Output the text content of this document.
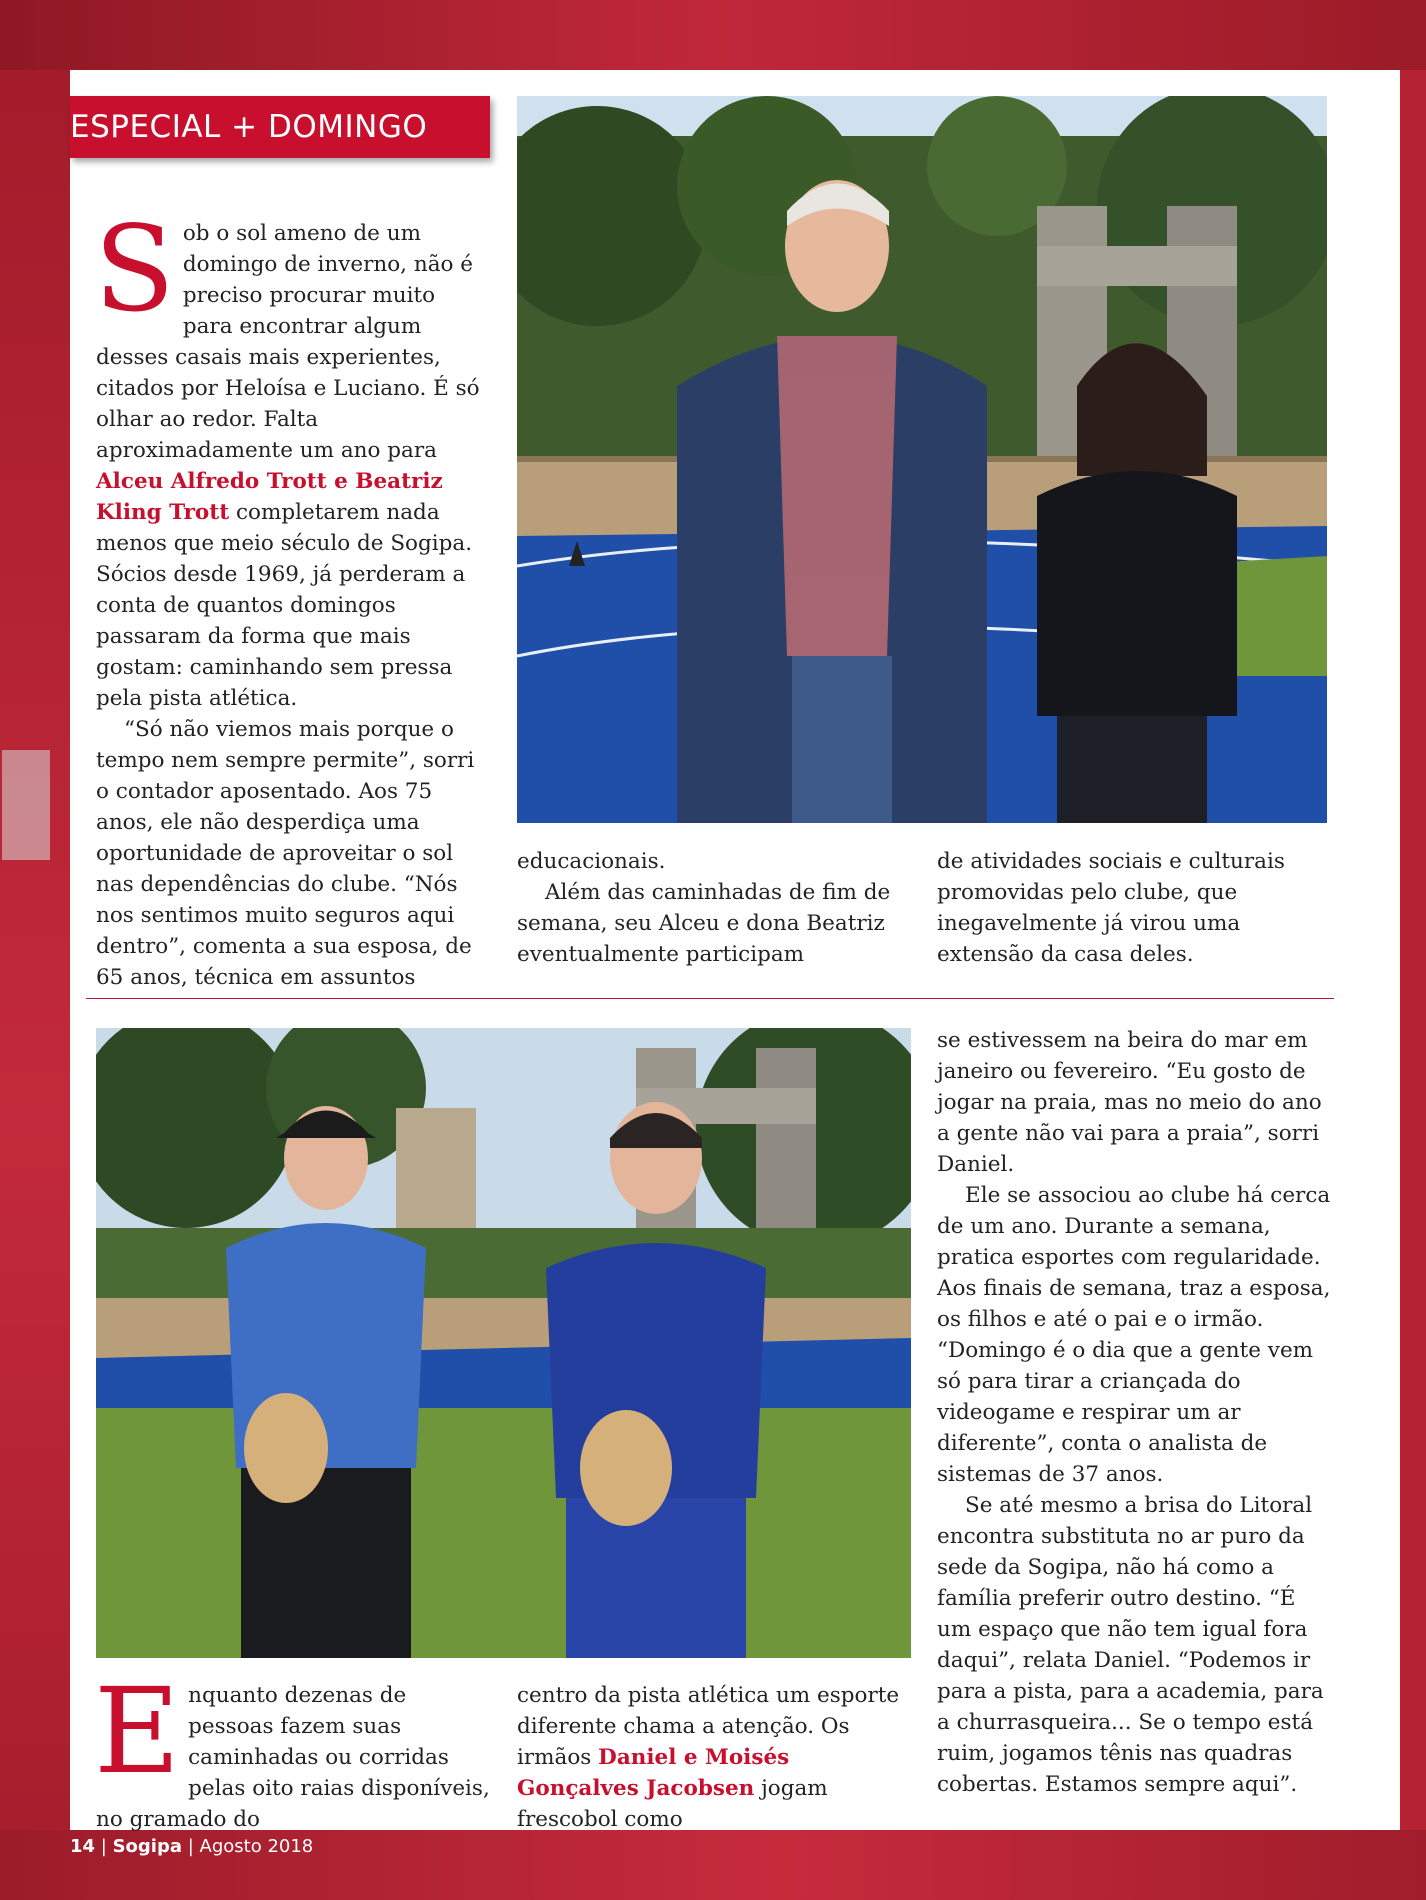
ESPECIAL + DOMINGO

Sob o sol ameno de um domingo de inverno, não é preciso procurar muito para encontrar algum desses casais mais experientes, citados por Heloísa e Luciano. É só olhar ao redor. Falta aproximadamente um ano para Alceu Alfredo Trott e Beatriz Kling Trott completarem nada menos que meio século de Sogipa. Sócios desde 1969, já perderam a conta de quantos domingos passaram da forma que mais gostam: caminhando sem pressa pela pista atlética.

“Só não viemos mais porque o tempo nem sempre permite”, sorri o contador aposentado. Aos 75 anos, ele não desperdiça uma oportunidade de aproveitar o sol nas dependências do clube. “Nós nos sentimos muito seguros aqui dentro”, comenta a sua esposa, de 65 anos, técnica em assuntos

educacionais.

Além das caminhadas de fim de semana, seu Alceu e dona Beatriz eventualmente participam

de atividades sociais e culturais promovidas pelo clube, que inegavelmente já virou uma extensão da casa deles.

Enquanto dezenas de pessoas fazem suas caminhadas ou corridas pelas oito raias disponíveis, no gramado do

centro da pista atlética um esporte diferente chama a atenção. Os irmãos Daniel e Moisés Gonçalves Jacobsen jogam frescobol como

se estivessem na beira do mar em janeiro ou fevereiro. “Eu gosto de jogar na praia, mas no meio do ano a gente não vai para a praia”, sorri Daniel.

Ele se associou ao clube há cerca de um ano. Durante a semana, pratica esportes com regularidade. Aos finais de semana, traz a esposa, os filhos e até o pai e o irmão. “Domingo é o dia que a gente vem só para tirar a criançada do videogame e respirar um ar diferente”, conta o analista de sistemas de 37 anos.

Se até mesmo a brisa do Litoral encontra substituta no ar puro da sede da Sogipa, não há como a família preferir outro destino. “É um espaço que não tem igual fora daqui”, relata Daniel. “Podemos ir para a pista, para a academia, para a churrasqueira... Se o tempo está ruim, jogamos tênis nas quadras cobertas. Estamos sempre aqui”.

14 | Sogipa | Agosto 2018
